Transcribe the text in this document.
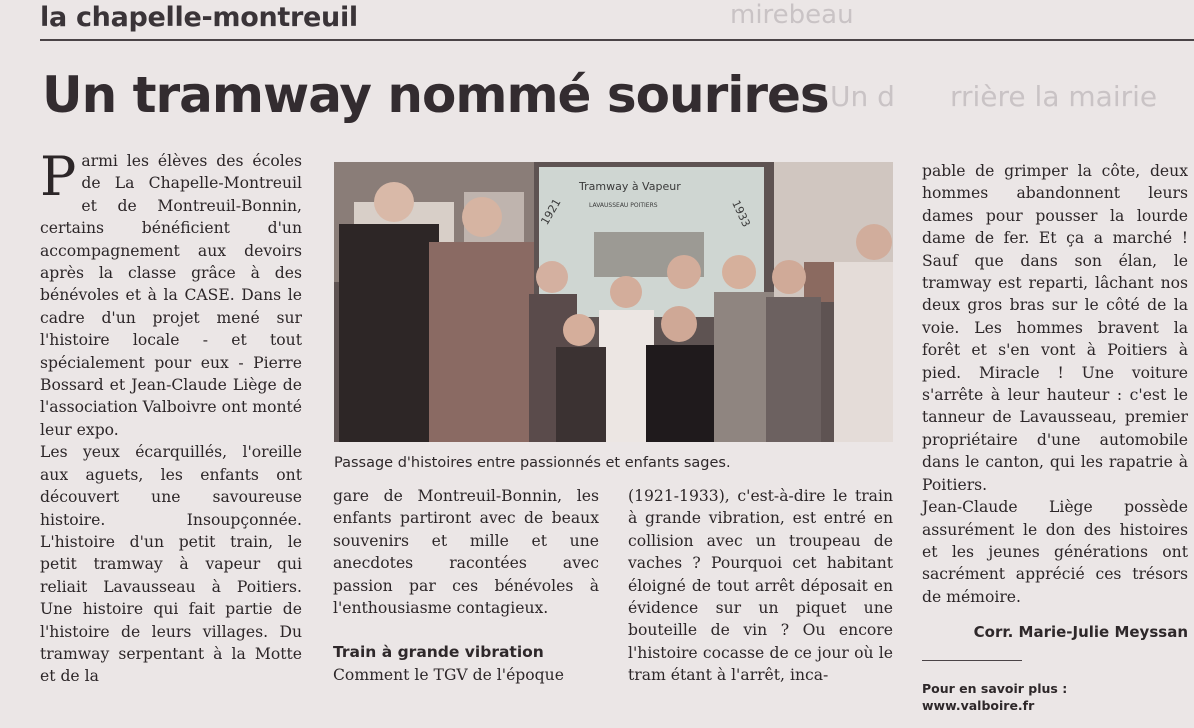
mirebeau
Un d rrière la mairie
la chapelle-montreuil
Un tramway nommé sourires

Parmi les élèves des écoles de La Chapelle-Montreuil et de Montreuil-Bonnin, certains bénéficient d'un accompagnement aux devoirs après la classe grâce à des bénévoles et à la CASE. Dans le cadre d'un projet mené sur l'histoire locale - et tout spécialement pour eux - Pierre Bossard et Jean-Claude Liège de l'association Valboivre ont monté leur expo.

Les yeux écarquillés, l'oreille aux aguets, les enfants ont découvert une savoureuse histoire. Insoupçonnée. L'histoire d'un petit train, le petit tramway à vapeur qui reliait Lavausseau à Poitiers. Une histoire qui fait partie de l'histoire de leurs villages. Du tramway serpentant à la Motte et de la

Tramway à Vapeur
1921	1933
LAVAUSSEAU POITIERS
Passage d'histoires entre passionnés et enfants sages.

gare de Montreuil-Bonnin, les enfants partiront avec de beaux souvenirs et mille et une anecdotes racontées avec passion par ces bénévoles à l'enthousiasme contagieux.

Train à grande vibration

Comment le TGV de l'époque

(1921-1933), c'est-à-dire le train à grande vibration, est entré en collision avec un troupeau de vaches ? Pourquoi cet habitant éloigné de tout arrêt déposait en évidence sur un piquet une bouteille de vin ? Ou encore l'histoire cocasse de ce jour où le tram étant à l'arrêt, inca-

pable de grimper la côte, deux hommes abandonnent leurs dames pour pousser la lourde dame de fer. Et ça a marché ! Sauf que dans son élan, le tramway est reparti, lâchant nos deux gros bras sur le côté de la voie. Les hommes bravent la forêt et s'en vont à Poitiers à pied. Miracle ! Une voiture s'arrête à leur hauteur : c'est le tanneur de Lavausseau, premier propriétaire d'une automobile dans le canton, qui les rapatrie à Poitiers.

Jean-Claude Liège possède assurément le don des histoires et les jeunes générations ont sacrément apprécié ces trésors de mémoire.

Corr. Marie-Julie Meyssan
Pour en savoir plus :
www.valboire.fr
